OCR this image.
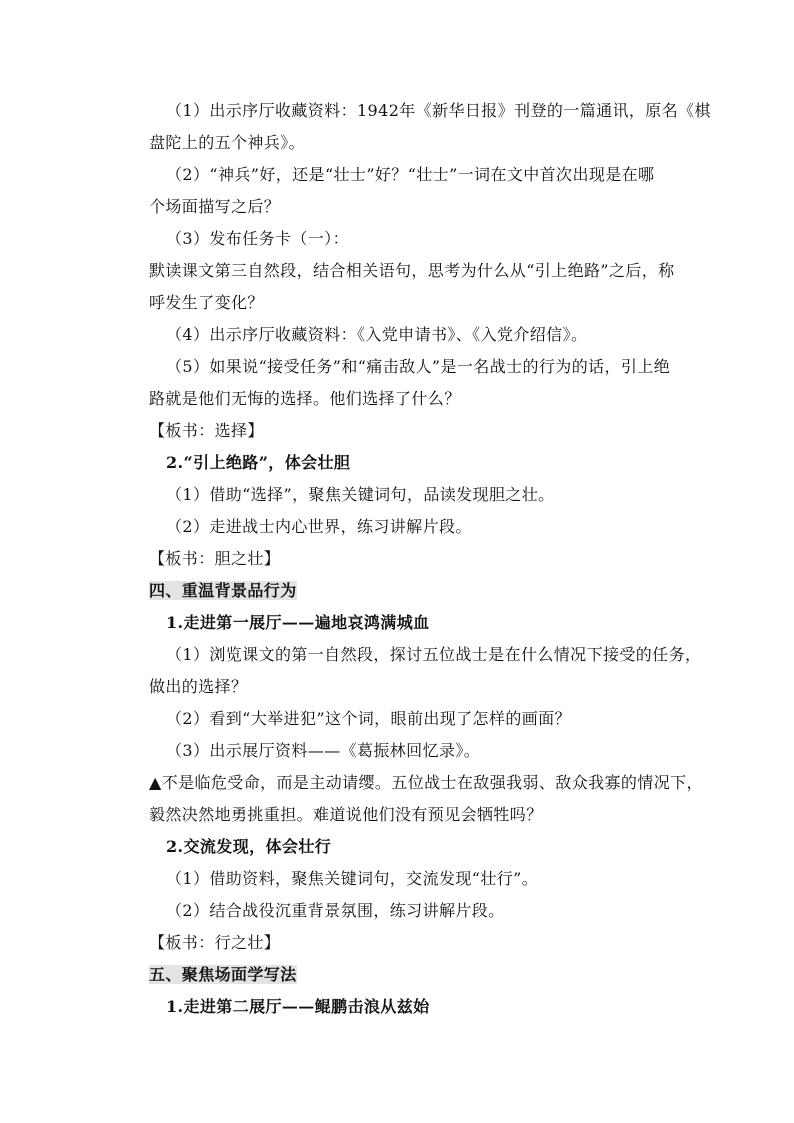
（1）出示序厅收藏资料：1942年《新华日报》刊登的一篇通讯，原名《棋
盘陀上的五个神兵》。
（2）“神兵”好，还是“壮士”好？“壮士”一词在文中首次出现是在哪
个场面描写之后？
（3）发布任务卡（一）：
默读课文第三自然段，结合相关语句，思考为什么从“引上绝路”之后，称
呼发生了变化？
（4）出示序厅收藏资料：《入党申请书》、《入党介绍信》。
（5）如果说“接受任务”和“痛击敌人”是一名战士的行为的话，引上绝
路就是他们无悔的选择。他们选择了什么？
【板书：选择】
2.“引上绝路”，体会壮胆
（1）借助“选择”，聚焦关键词句，品读发现胆之壮。
（2）走进战士内心世界，练习讲解片段。
【板书：胆之壮】
四、重温背景品行为
1.走进第一展厅——遍地哀鸿满城血
（1）浏览课文的第一自然段，探讨五位战士是在什么情况下接受的任务，
做出的选择？
（2）看到“大举进犯”这个词，眼前出现了怎样的画面？
（3）出示展厅资料——《葛振林回忆录》。
▲不是临危受命，而是主动请缨。五位战士在敌强我弱、敌众我寡的情况下，
毅然决然地勇挑重担。难道说他们没有预见会牺牲吗？
2.交流发现，体会壮行
（1）借助资料，聚焦关键词句，交流发现“壮行”。
（2）结合战役沉重背景氛围，练习讲解片段。
【板书：行之壮】
五、聚焦场面学写法
1.走进第二展厅——鲲鹏击浪从兹始
